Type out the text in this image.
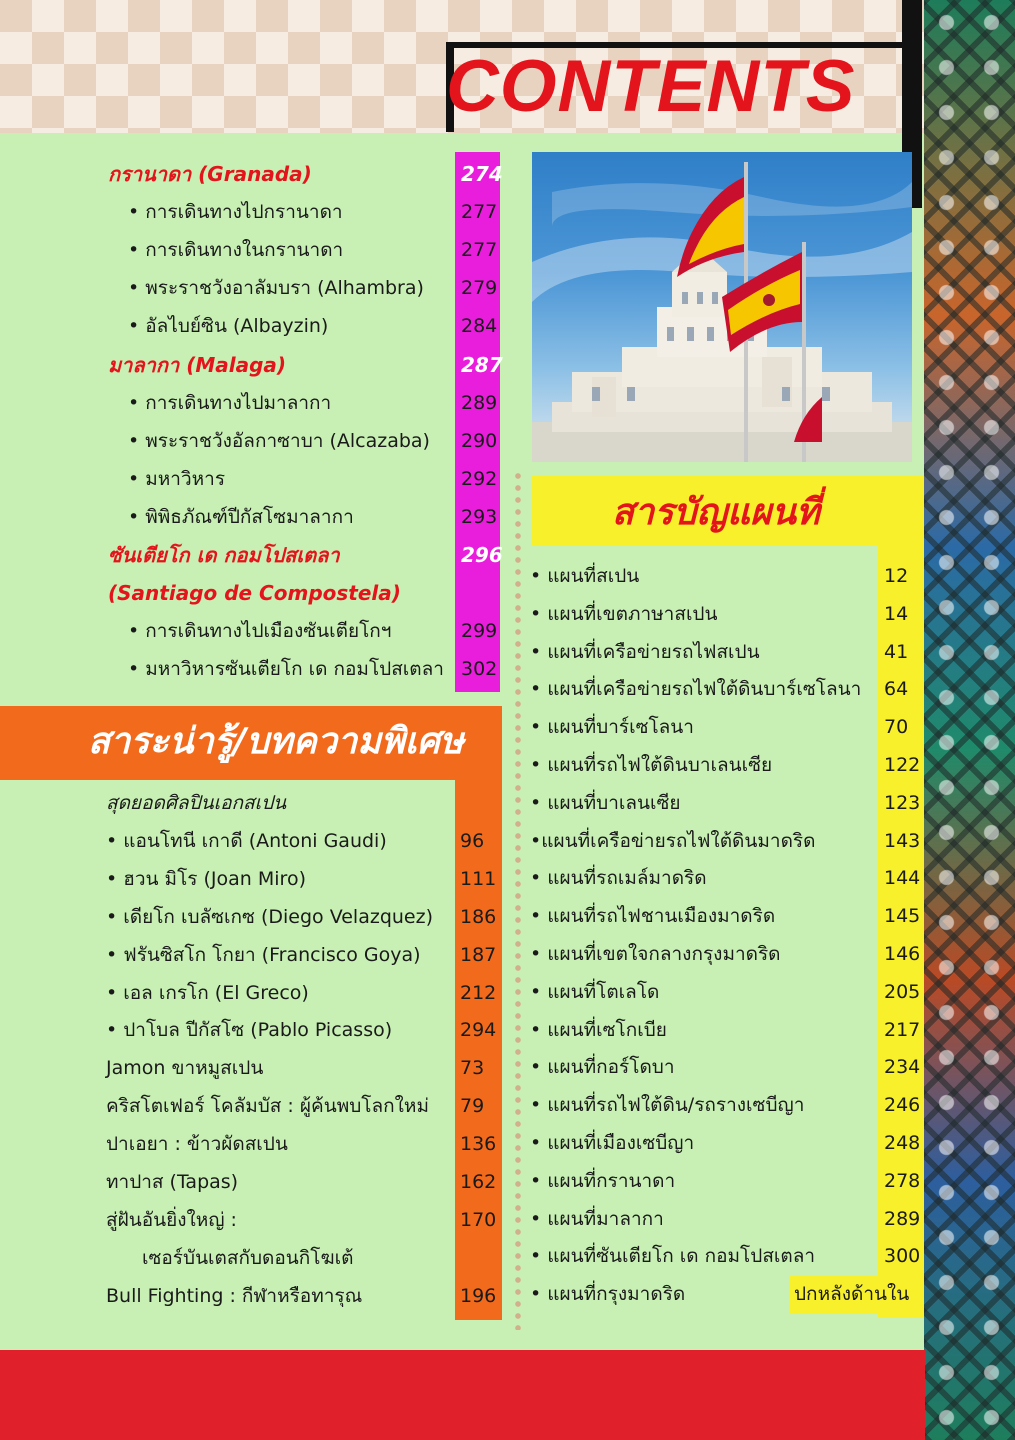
CONTENTS
สาระน่ารู้/บทความพิเศษ
สารบัญแผนที่
กรานาดา (Granada)	274
• การเดินทางไปกรานาดา	277
• การเดินทางในกรานาดา	277
• พระราชวังอาลัมบรา (Alhambra) 279
• อัลไบย์ซิน (Albayzin)	284
มาลากา (Malaga)	287
• การเดินทางไปมาลากา	289
• พระราชวังอัลกาซาบา (Alcazaba) 290
• มหาวิหาร	292
• พิพิธภัณฑ์ปีกัสโซมาลากา	293
ซันเตียโก เด กอมโปสเตลา	296
(Santiago de Compostela)
• การเดินทางไปเมืองซันเตียโกฯ	299
• มหาวิหารซันเตียโก เด กอมโปสเตลา 302
สุดยอดศิลปินเอกสเปน
• แอนโทนี เกาดี (Antoni Gaudi)	96
• ฮวน มิโร (Joan Miro)	111
• เดียโก เบลัซเกซ (Diego Velazquez) 186
• ฟรันซิสโก โกยา (Francisco Goya) 187
• เอล เกรโก (El Greco)	212
• ปาโบล ปีกัสโซ (Pablo Picasso)	294
Jamon ขาหมูสเปน	73
คริสโตเฟอร์ โคลัมบัส : ผู้ค้นพบโลกใหม่ 79
ปาเอยา : ข้าวผัดสเปน	136
ทาปาส (Tapas)	162
สู่ฝันอันยิ่งใหญ่ :	170
เซอร์บันเตสกับดอนกิโฆเต้
Bull Fighting : กีฬาหรือทารุณ	196
• แผนที่สเปน	12
• แผนที่เขตภาษาสเปน	14
• แผนที่เครือข่ายรถไฟสเปน	41
• แผนที่เครือข่ายรถไฟใต้ดินบาร์เซโลนา 64
• แผนที่บาร์เซโลนา	70
• แผนที่รถไฟใต้ดินบาเลนเซีย	122
• แผนที่บาเลนเซีย	123
•แผนที่เครือข่ายรถไฟใต้ดินมาดริด	143
• แผนที่รถเมล์มาดริด	144
• แผนที่รถไฟชานเมืองมาดริด	145
• แผนที่เขตใจกลางกรุงมาดริด	146
• แผนที่โตเลโด	205
• แผนที่เซโกเบีย	217
• แผนที่กอร์โดบา	234
• แผนที่รถไฟใต้ดิน/รถรางเซบีญา	246
• แผนที่เมืองเซบีญา	248
• แผนที่กรานาดา	278
• แผนที่มาลากา	289
• แผนที่ซันเตียโก เด กอมโปสเตลา	300
• แผนที่กรุงมาดริด	ปกหลังด้านใน
